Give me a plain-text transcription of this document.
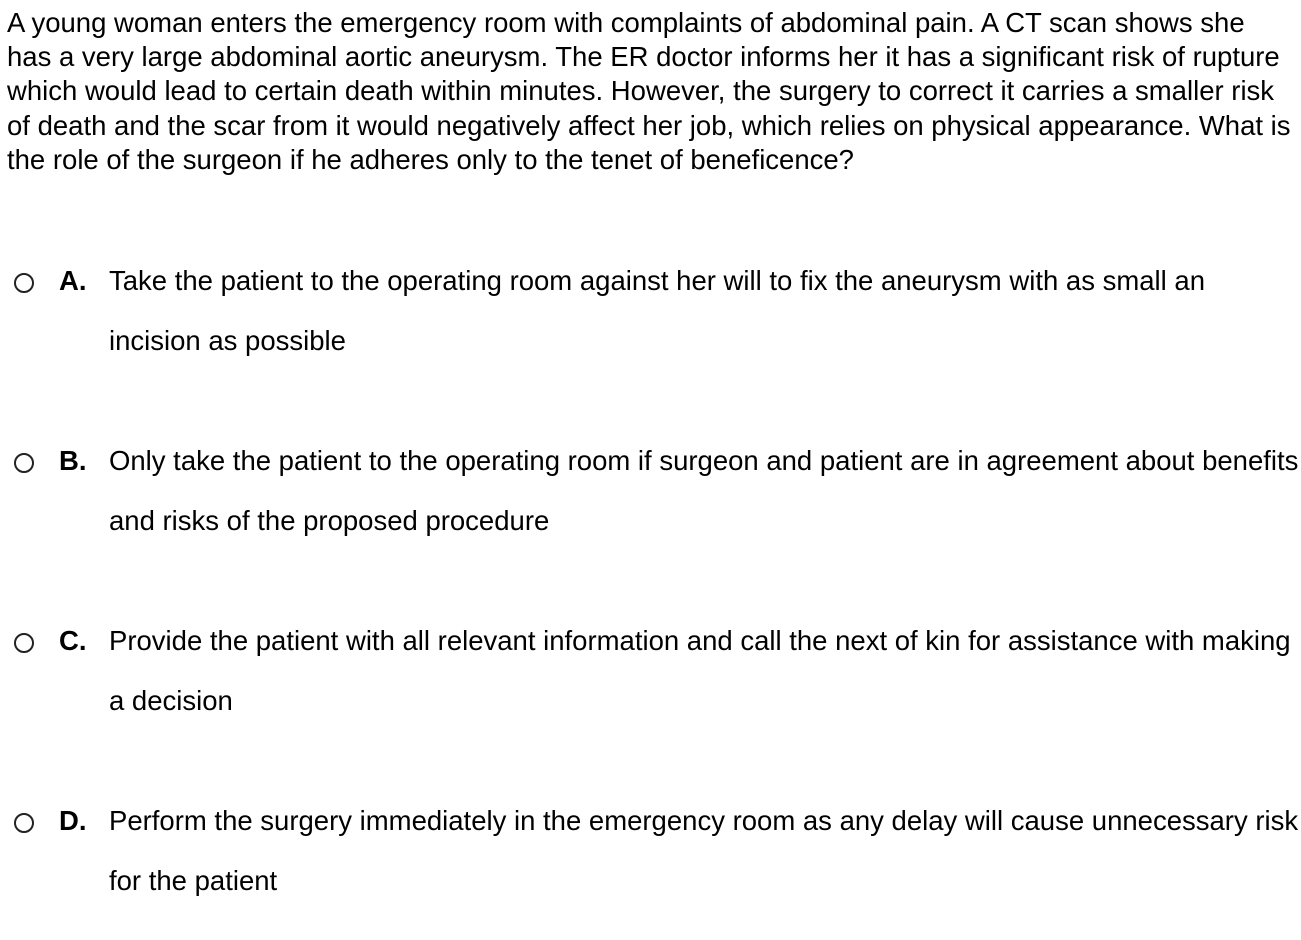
A young woman enters the emergency room with complaints of abdominal pain. A CT scan shows she has a very large abdominal aortic aneurysm. The ER doctor informs her it has a significant risk of rupture which would lead to certain death within minutes. However, the surgery to correct it carries a smaller risk of death and the scar from it would negatively affect her job, which relies on physical appearance. What is the role of the surgeon if he adheres only to the tenet of beneficence?

A. Take the patient to the operating room against her will to fix the aneurysm with as small an incision as possible
B. Only take the patient to the operating room if surgeon and patient are in agreement about benefits and risks of the proposed procedure
C. Provide the patient with all relevant information and call the next of kin for assistance with making a decision
D. Perform the surgery immediately in the emergency room as any delay will cause unnecessary risk for the patient
